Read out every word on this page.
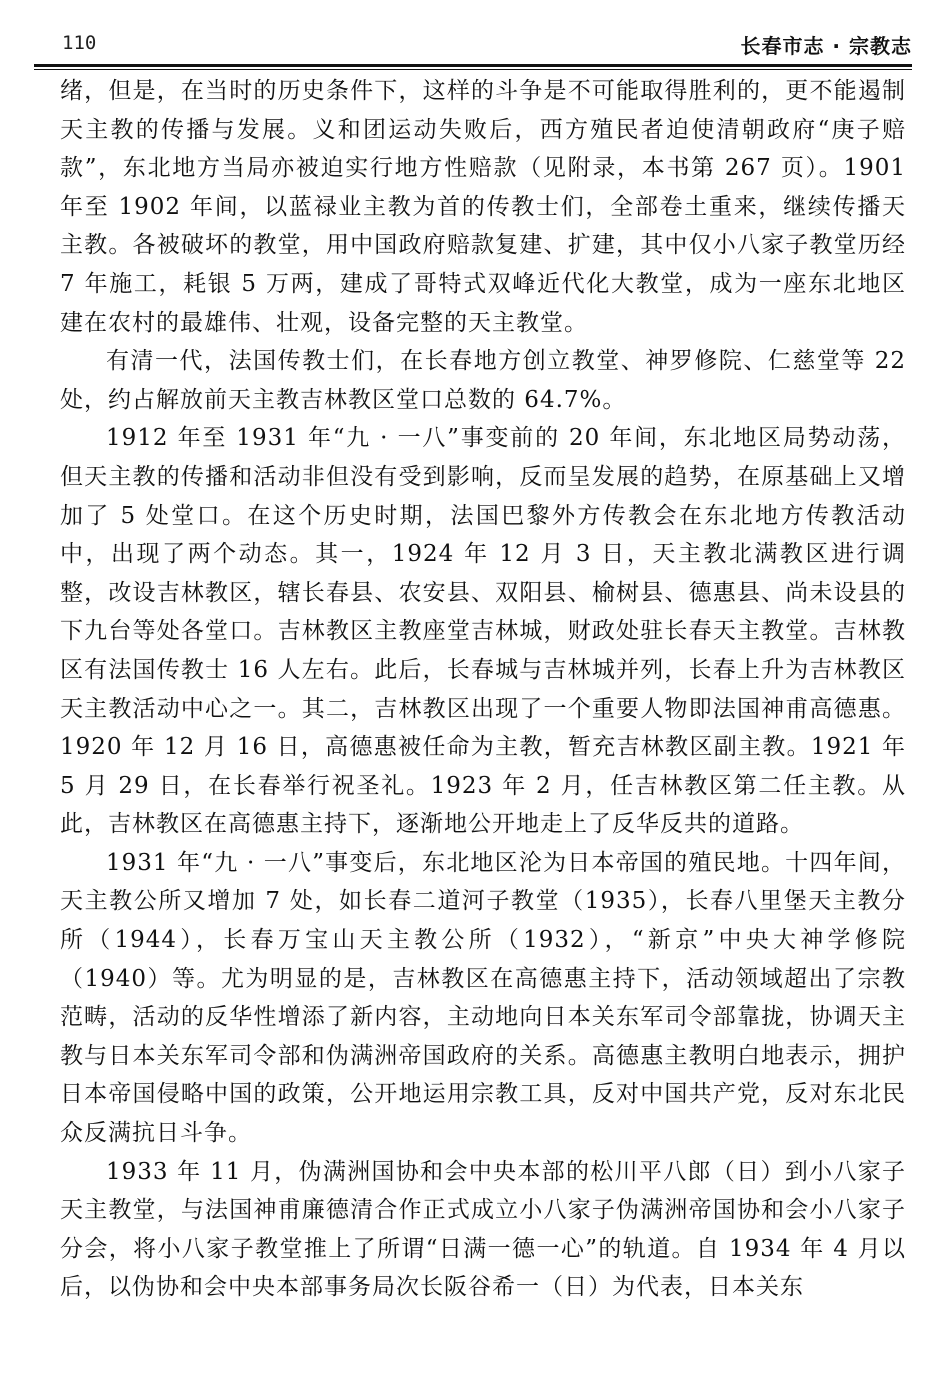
110	长春市志 · 宗教志

绪，但是，在当时的历史条件下，这样的斗争是不可能取得胜利的，更不能遏制天主教的传播与发展。义和团运动失败后，西方殖民者迫使清朝政府“庚子赔款”，东北地方当局亦被迫实行地方性赔款（见附录，本书第 267 页）。1901 年至 1902 年间，以蓝禄业主教为首的传教士们，全部卷土重来，继续传播天主教。各被破坏的教堂，用中国政府赔款复建、扩建，其中仅小八家子教堂历经 7 年施工，耗银 5 万两，建成了哥特式双峰近代化大教堂，成为一座东北地区建在农村的最雄伟、壮观，设备完整的天主教堂。

有清一代，法国传教士们，在长春地方创立教堂、神罗修院、仁慈堂等 22 处，约占解放前天主教吉林教区堂口总数的 64.7%。

1912 年至 1931 年“九 · 一八”事变前的 20 年间，东北地区局势动荡，但天主教的传播和活动非但没有受到影响，反而呈发展的趋势，在原基础上又增加了 5 处堂口。在这个历史时期，法国巴黎外方传教会在东北地方传教活动中，出现了两个动态。其一，1924 年 12 月 3 日，天主教北满教区进行调整，改设吉林教区，辖长春县、农安县、双阳县、榆树县、德惠县、尚未设县的下九台等处各堂口。吉林教区主教座堂吉林城，财政处驻长春天主教堂。吉林教区有法国传教士 16 人左右。此后，长春城与吉林城并列，长春上升为吉林教区天主教活动中心之一。其二，吉林教区出现了一个重要人物即法国神甫高德惠。1920 年 12 月 16 日，高德惠被任命为主教，暂充吉林教区副主教。1921 年 5 月 29 日，在长春举行祝圣礼。1923 年 2 月，任吉林教区第二任主教。从此，吉林教区在高德惠主持下，逐渐地公开地走上了反华反共的道路。

1931 年“九 · 一八”事变后，东北地区沦为日本帝国的殖民地。十四年间，天主教公所又增加 7 处，如长春二道河子教堂（1935），长春八里堡天主教分所（1944），长春万宝山天主教公所（1932），“新京”中央大神学修院（1940）等。尤为明显的是，吉林教区在高德惠主持下，活动领域超出了宗教范畴，活动的反华性增添了新内容，主动地向日本关东军司令部靠拢，协调天主教与日本关东军司令部和伪满洲帝国政府的关系。高德惠主教明白地表示，拥护日本帝国侵略中国的政策，公开地运用宗教工具，反对中国共产党，反对东北民众反满抗日斗争。

1933 年 11 月，伪满洲国协和会中央本部的松川平八郎（日）到小八家子天主教堂，与法国神甫廉德清合作正式成立小八家子伪满洲帝国协和会小八家子分会，将小八家子教堂推上了所谓“日满一德一心”的轨道。自 1934 年 4 月以后，以伪协和会中央本部事务局次长阪谷希一（日）为代表，日本关东
